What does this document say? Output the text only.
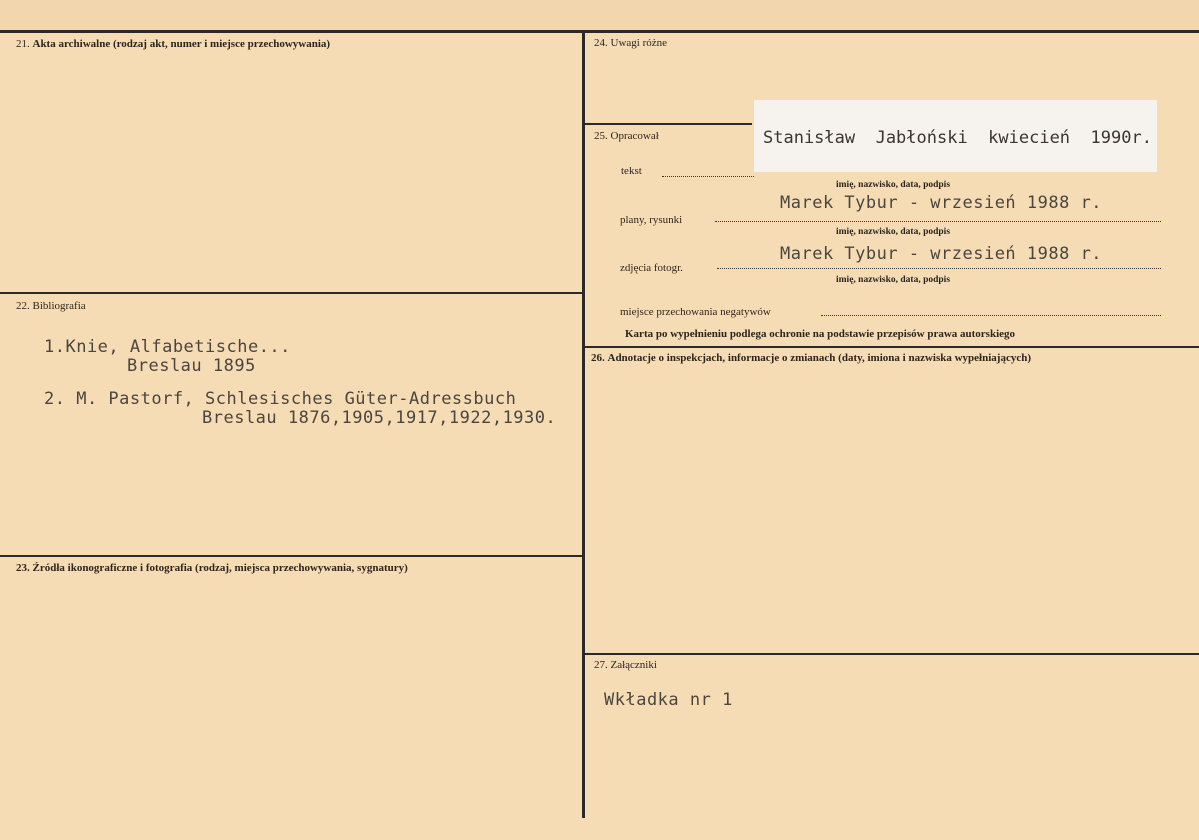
21. Akta archiwalne (rodzaj akt, numer i miejsce przechowywania)
22. Bibliografia
1.Knie, Alfabetische...
Breslau 1895
2. M. Pastorf, Schlesisches Güter-Adressbuch
Breslau 1876,1905,1917,1922,1930.
23. Źródła ikonograficzne i fotografia (rodzaj, miejsca przechowywania, sygnatury)
24. Uwagi różne
25. Opracował	Stanisław  Jabłoński  kwiecień  1990r.
tekst
imię, nazwisko, data, podpis
plany, rysunki
Marek Tybur - wrzesień 1988 r.
imię, nazwisko, data, podpis
zdjęcia fotogr.
Marek Tybur - wrzesień 1988 r.
imię, nazwisko, data, podpis
miejsce przechowania negatywów
Karta po wypełnieniu podlega ochronie na podstawie przepisów prawa autorskiego
26. Adnotacje o inspekcjach, informacje o zmianach (daty, imiona i nazwiska wypełniających)
27. Załączniki
Wkładka nr 1
